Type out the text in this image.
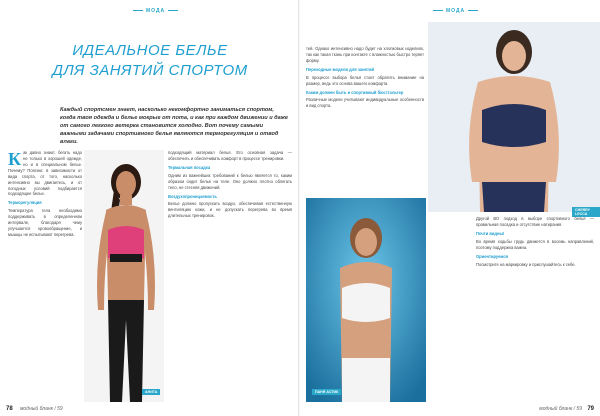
МОДА
ИДЕАЛЬНОЕ БЕЛЬЕ
ДЛЯ ЗАНЯТИЙ СПОРТОМ
Каждый спортсмен знает, насколько некомфортно заниматься спортом, когда твоя одежда и белье мокрые от пота, и как при каждом движении и даже от самого легкого ветерка становится холодно. Вот почему самыми важными задачами спортивного белья являются терморегуляция и отвод влаги.

Как давно знают, бегать надо не только в хорошей одежде, но и в специальном белье. Почему? Поясню: в зависимости от вида спорта, от того, насколько интенсивно вы двигаетесь, и от погодных условий подбирается подходящее белье.

Терморегуляция

Температура тела необходимо поддерживать в определенном интервале, благодаря чему улучшается кровообращение, и мышцы не испытывают перегрева.

АНИТА

подходящий материал белья. Его основная задача — обеспечить и обеспечивать комфорт в процессе тренировки.

Термальная посадка

Одним из важнейших требований к белью является то, каким образом сидит белье на теле. Оно должно плотно облегать тело, не стесняя движений.

Воздухопроницаемость

Белье должно пропускать воздух, обеспечивая естественную вентиляцию кожи, и не допускать перегрева во время длительных тренировок.

78 модный бланк / 59
МОДА

тей. Однако интенсивно надо будет на хлопковых изделиях, так как такая ткань при контакте с влажностью быстро теряет форму.

Переходные модели для занятий

В процессе выбора белья стоит обратить внимание на размер, ведь это основа вашего комфорта.

Каким должен быть и спортивный бюстгальтер

Различные модели учитывают индивидуальные особенности и вид спорта.

ПАНЯ АСТИК
CHERRY LECCA

Другой ВО подход в выборе спортивного белья — правильная посадка и отсутствие натирания.

Почти видны!

Во время ходьбы грудь движется в восемь направлений, поэтому поддержка важна.

Ориентируемся

Посмотрите на маркировку и прислушайтесь к себе.

модный бланк / 59 79
